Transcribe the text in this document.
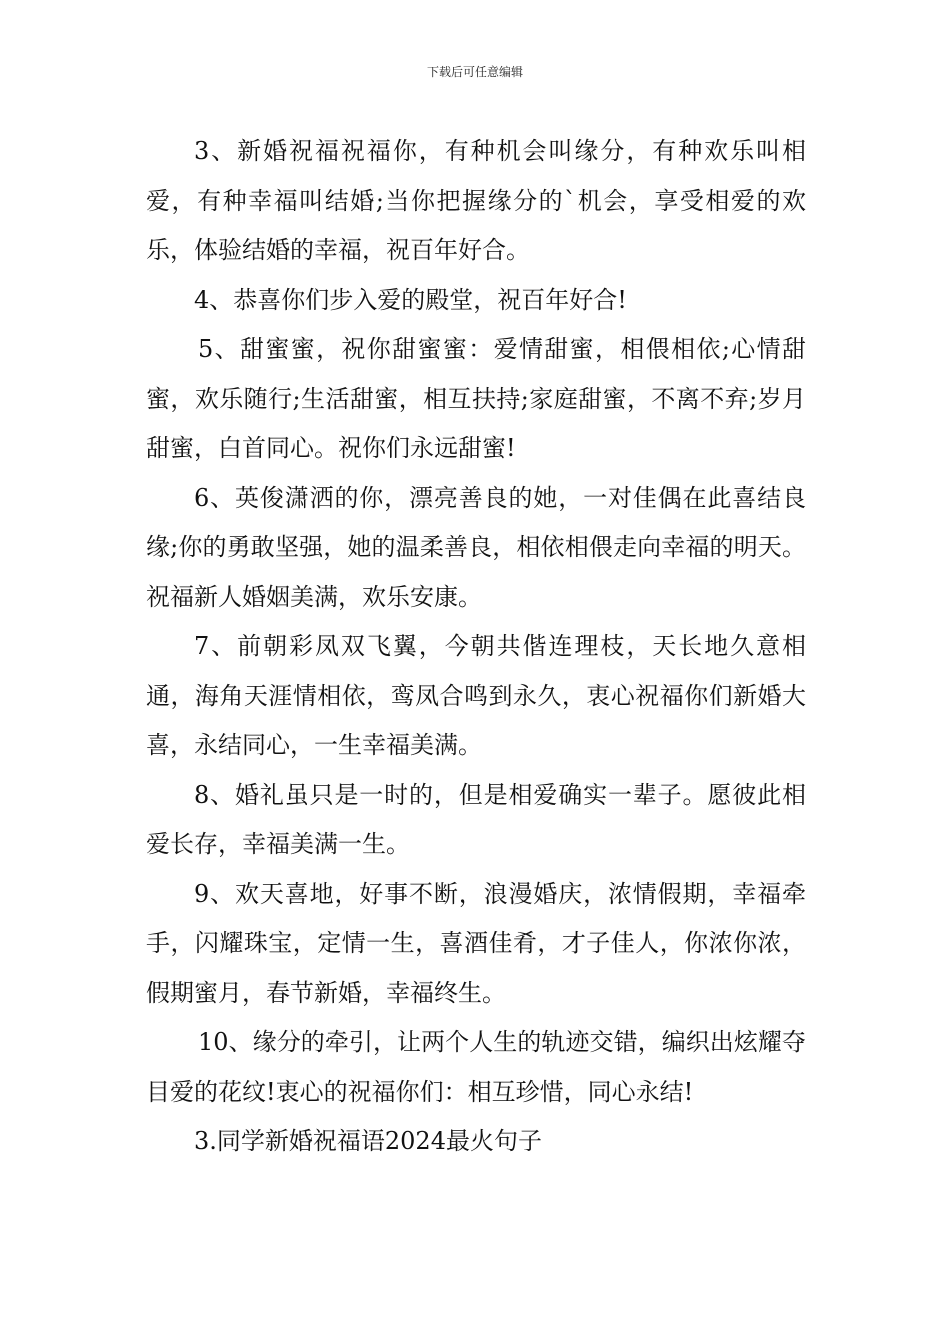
下载后可任意编辑

3、新婚祝福祝福你，有种机会叫缘分，有种欢乐叫相爱，有种幸福叫结婚;当你把握缘分的`机会，享受相爱的欢乐，体验结婚的幸福，祝百年好合。

4、恭喜你们步入爱的殿堂，祝百年好合!

5、甜蜜蜜，祝你甜蜜蜜：爱情甜蜜，相偎相依;心情甜蜜，欢乐随行;生活甜蜜，相互扶持;家庭甜蜜，不离不弃;岁月甜蜜，白首同心。祝你们永远甜蜜!

6、英俊潇洒的你，漂亮善良的她，一对佳偶在此喜结良缘;你的勇敢坚强，她的温柔善良，相依相偎走向幸福的明天。祝福新人婚姻美满，欢乐安康。

7、前朝彩凤双飞翼，今朝共偕连理枝，天长地久意相通，海角天涯情相依，鸾凤合鸣到永久，衷心祝福你们新婚大喜，永结同心，一生幸福美满。

8、婚礼虽只是一时的，但是相爱确实一辈子。愿彼此相爱长存，幸福美满一生。

9、欢天喜地，好事不断，浪漫婚庆，浓情假期，幸福牵手，闪耀珠宝，定情一生，喜酒佳肴，才子佳人，你浓你浓，假期蜜月，春节新婚，幸福终生。

10、缘分的牵引，让两个人生的轨迹交错，编织出炫耀夺目爱的花纹!衷心的祝福你们：相互珍惜，同心永结!

3.同学新婚祝福语2024最火句子
